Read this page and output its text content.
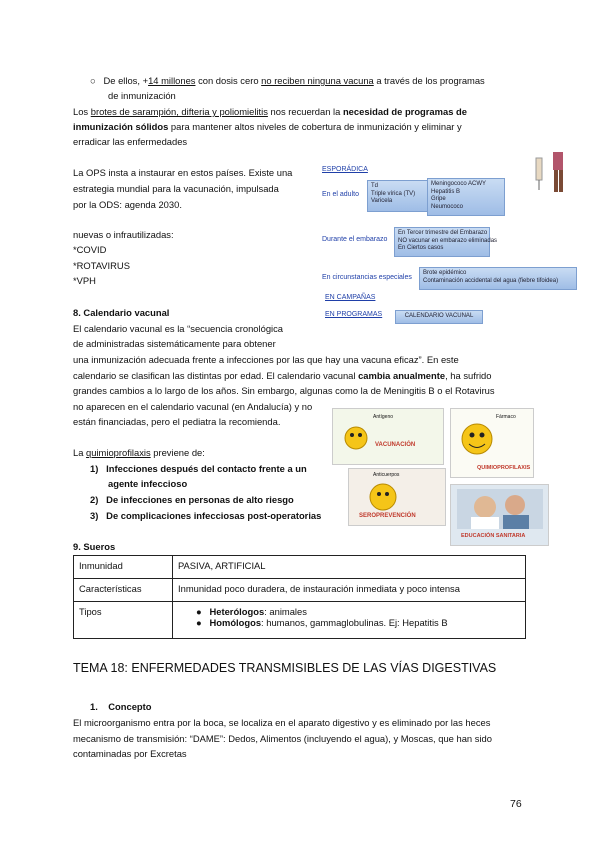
○ De ellos, +14 millones con dosis cero no reciben ninguna vacuna a través de los programas
de inmunización
Los brotes de sarampión, difteria y poliomielitis nos recuerdan la necesidad de programas de
inmunización sólidos para mantener altos niveles de cobertura de inmunización y eliminar y
erradicar las enfermedades
La OPS insta a instaurar en estos países. Existe una
estrategia mundial para la vacunación, impulsada
por la ODS: agenda 2030.
nuevas o infrautilizadas:
*COVID
*ROTAVIRUS
*VPH
ESPORÁDICA
En el adulto
Td
Triple vírica (TV)
Varicela
Meningococo ACWY
Hepatitis B
Gripe
Neumococo
Durante el embarazo
En Tercer trimestre del Embarazo
NO vacunar en embarazo eliminadas
En Ciertos casos
En circunstancias especiales
Brote epidémico
Contaminación accidental del agua (fiebre tifoidea)
EN CAMPAÑAS
EN PROGRAMAS	CALENDARIO VACUNAL
8. Calendario vacunal
El calendario vacunal es la “secuencia cronológica
de administradas sistemáticamente para obtener
una inmunización adecuada frente a infecciones por las que hay una vacuna eficaz”. En este
calendario se clasifican las distintas por edad. El calendario vacunal cambia anualmente, ha sufrido
grandes cambios a lo largo de los años. Sin embargo, algunas como la de Meningitis B o el Rotavirus
no aparecen en el calendario vacunal (en Andalucía) y no
están financiadas, pero el pediatra la recomienda.
La quimioprofilaxis previene de:
1) Infecciones después del contacto frente a un
agente infeccioso
2) De infecciones en personas de alto riesgo
3) De complicaciones infecciosas post-operatorias
Antígeno
VACUNACIÓN
Fármaco
QUIMIOPROFILAXIS
Anticuerpos
SEROPREVENCIÓN
EDUCACIÓN SANITARIA
9. Sueros
Inmunidad	PASIVA, ARTIFICIAL
Características	Inmunidad poco duradera, de instauración inmediata y poco intensa
Tipos	●   Heterólogos: animales
●   Homólogos: humanos, gammaglobulinas. Ej: Hepatitis B
TEMA 18: ENFERMEDADES TRANSMISIBLES DE LAS VÍAS DIGESTIVAS
1. Concepto
El microorganismo entra por la boca, se localiza en el aparato digestivo y es eliminado por las heces
mecanismo de transmisión: “DAME”: Dedos, Alimentos (incluyendo el agua), y Moscas, que han sido
contaminadas por Excretas
76
